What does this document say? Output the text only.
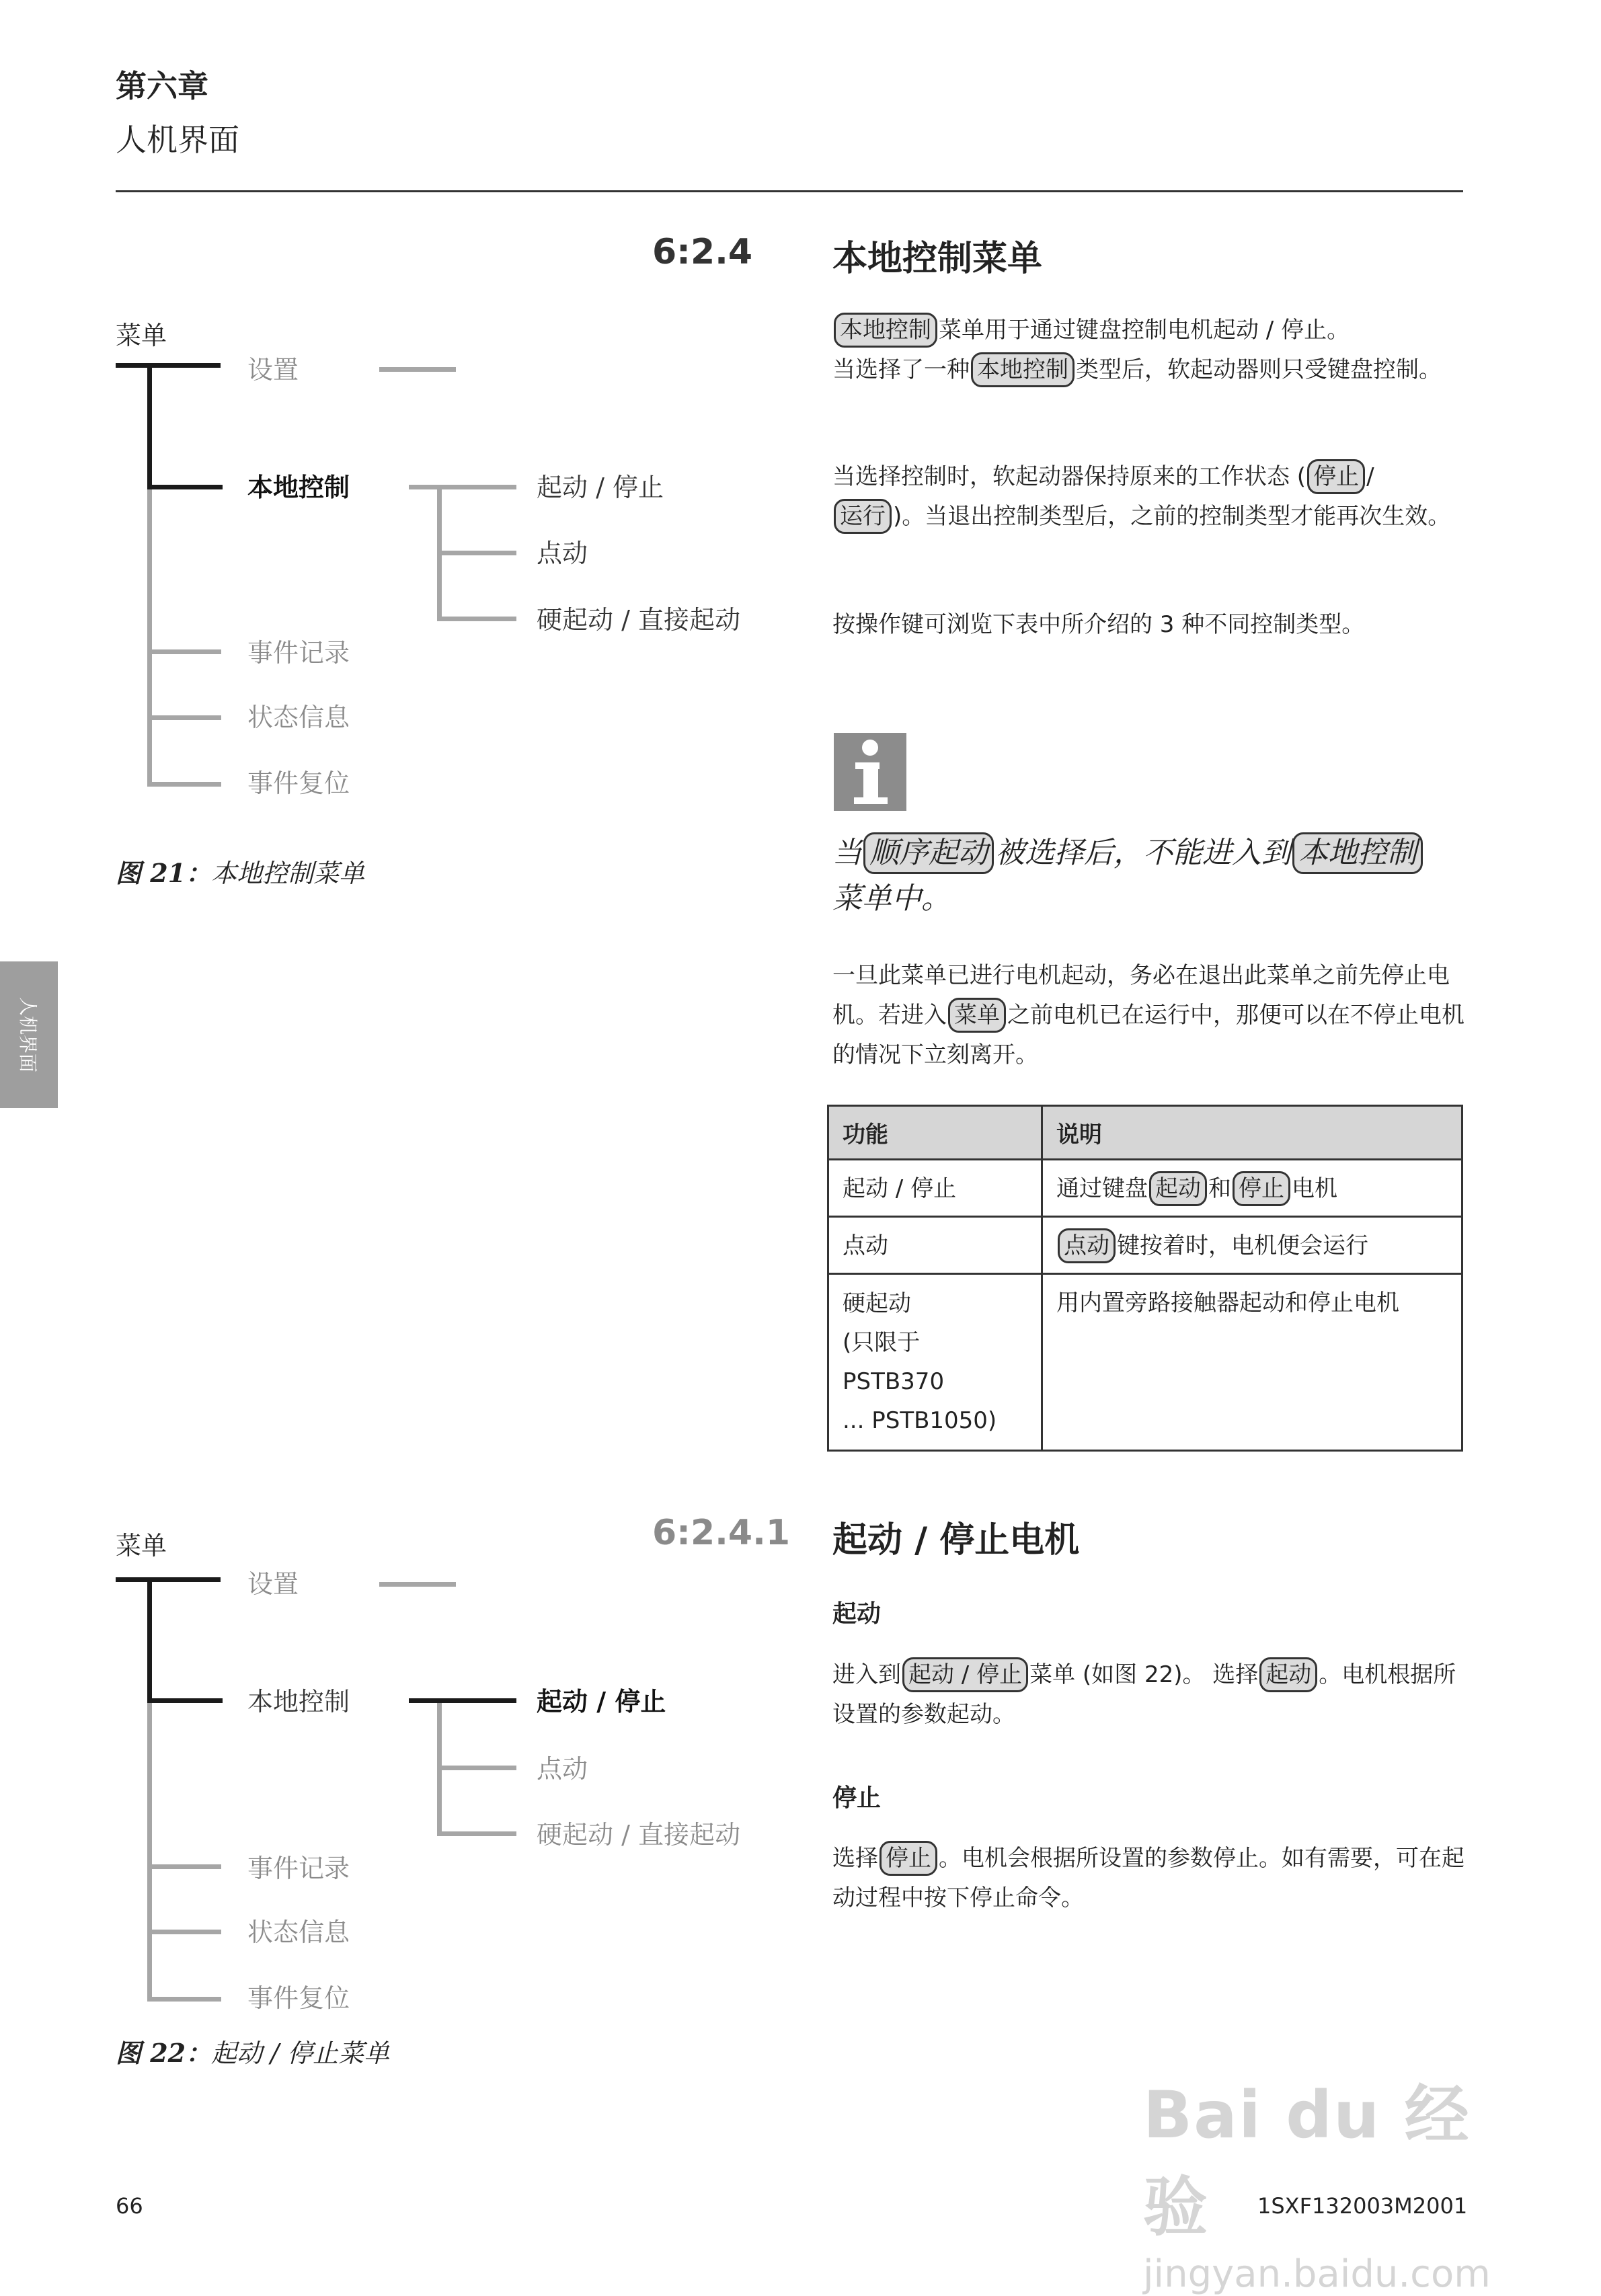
第六章
人机界面
人机界面
菜单
设置
本地控制
事件记录
状态信息
事件复位
起动 / 停止
点动
硬起动 / 直接起动
图 21：本地控制菜单
6:2.4 本地控制菜单
本地控制 菜单用于通过键盘控制电机起动 / 停止。
当选择了一种 本地控制 类型后，软起动器则只受键盘控制。
当选择控制时，软起动器保持原来的工作状态 ( 停止 /
运行 )。当退出控制类型后，之前的控制类型才能再次生效。
按操作键可浏览下表中所介绍的 3 种不同控制类型。
当 顺序起动 被选择后，不能进入到 本地控制
菜单中。
一旦此菜单已进行电机起动，务必在退出此菜单之前先停止电机。若进入 菜单 之前电机已在运行中，那便可以在不停止电机的情况下立刻离开。
功能	说明
起动 / 停止	通过键盘 起动 和 停止 电机
点动	点动 键按着时，电机便会运行
硬起动
(只限于 PSTB370
... PSTB1050)	用内置旁路接触器起动和停止电机
菜单
设置
本地控制
事件记录
状态信息
事件复位
起动 / 停止
点动
硬起动 / 直接起动
图 22：起动 / 停止菜单
6:2.4.1 起动 / 停止电机
起动
进入到 起动 / 停止 菜单 (如图 22)。 选择 起动 。电机根据所设置的参数起动。
停止
选择 停止 。电机会根据所设置的参数停止。如有需要，可在起动过程中按下停止命令。
66	1SXF132003M2001
Bai du 经验
jingyan.baidu.com
